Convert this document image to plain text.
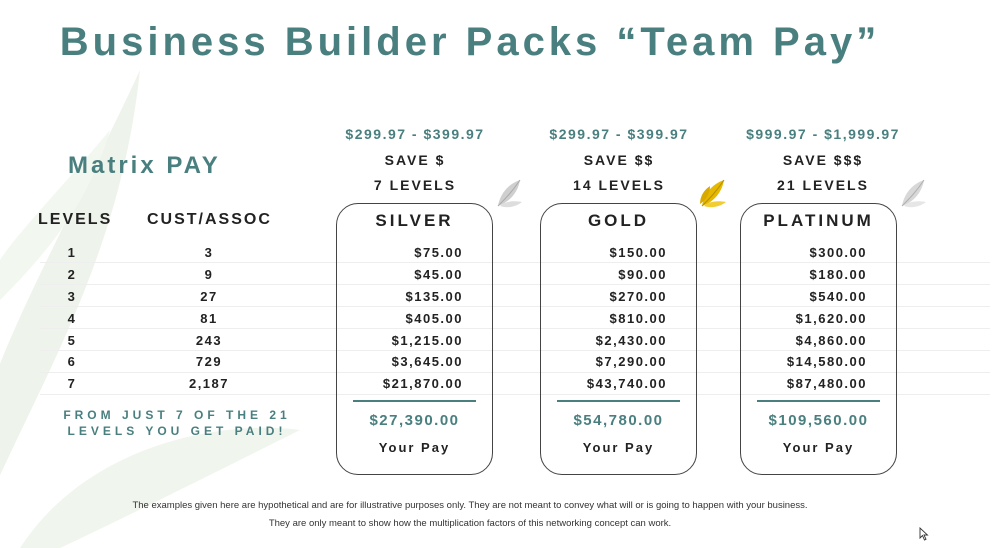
Business Builder Packs “Team Pay”
Matrix PAY
LEVELS CUST/ASSOC
1
2
3
4
5
6
7
3
9
27
81
243
729
2,187
FROM JUST 7 OF THE 21
LEVELS YOU GET PAID!
$299.97 - $399.97
SAVE $
7 LEVELS
SILVER
$27,390.00
Your Pay
$75.00
$45.00
$135.00
$405.00
$1,215.00
$3,645.00
$21,870.00
$299.97 - $399.97
SAVE $$
14 LEVELS
GOLD
$54,780.00
Your Pay
$150.00
$90.00
$270.00
$810.00
$2,430.00
$7,290.00
$43,740.00
$999.97 - $1,999.97
SAVE $$$
21 LEVELS
PLATINUM
$109,560.00
Your Pay
$300.00
$180.00
$540.00
$1,620.00
$4,860.00
$14,580.00
$87,480.00
The examples given here are hypothetical and are for illustrative purposes only. They are not meant to convey what will or is going to happen with your business.
They are only meant to show how the multiplication factors of this networking concept can work.
